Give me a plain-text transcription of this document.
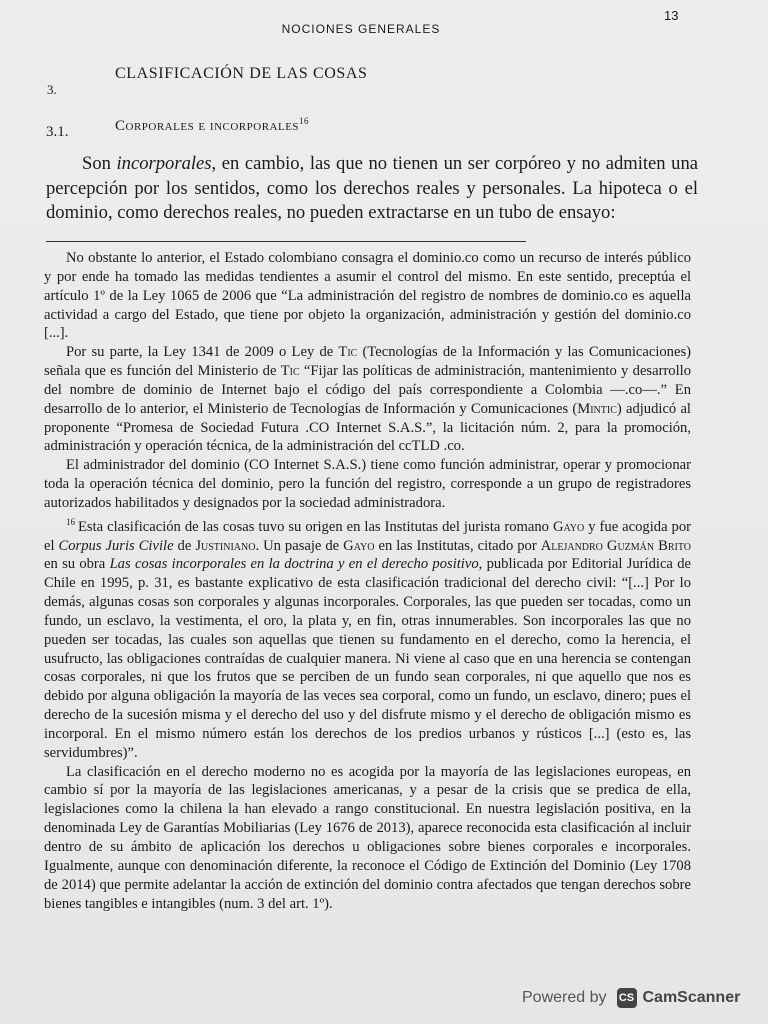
NOCIONES GENERALES
13
3.
CLASIFICACIÓN DE LAS COSAS
3.1.	Corporales e incorporales$^{16}$

Son incorporales, en cambio, las que no tienen un ser corpóreo y no admiten una percepción por los sentidos, como los derechos reales y personales. La hipoteca o el dominio, como derechos reales, no pueden extractarse en un tubo de ensayo:

No obstante lo anterior, el Estado colombiano consagra el dominio.co como un recurso de interés público y por ende ha tomado las medidas tendientes a asumir el control del mismo. En este sentido, preceptúa el artículo 1º de la Ley 1065 de 2006 que “La administración del registro de nombres de dominio.co es aquella actividad a cargo del Estado, que tiene por objeto la organización, administración y gestión del dominio.co [...].

Por su parte, la Ley 1341 de 2009 o Ley de Tic (Tecnologías de la Información y las Comunicaciones) señala que es función del Ministerio de Tic “Fijar las políticas de administración, mantenimiento y desarrollo del nombre de dominio de Internet bajo el código del país correspondiente a Colombia —.co—.” En desarrollo de lo anterior, el Ministerio de Tecnologías de Información y Comunicaciones (Mintic) adjudicó al proponente “Promesa de Sociedad Futura .CO Internet S.A.S.”, la licitación núm. 2, para la promoción, administración y operación técnica, de la administración del ccTLD .co.

El administrador del dominio (CO Internet S.A.S.) tiene como función administrar, operar y promocionar toda la operación técnica del dominio, pero la función del registro, corresponde a un grupo de registradores autorizados habilitados y designados por la sociedad administradora.

$^{16}$ Esta clasificación de las cosas tuvo su origen en las Institutas del jurista romano Gayo y fue acogida por el Corpus Juris Civile de Justiniano. Un pasaje de Gayo en las Institutas, citado por Alejandro Guzmán Brito en su obra Las cosas incorporales en la doctrina y en el derecho positivo, publicada por Editorial Jurídica de Chile en 1995, p. 31, es bastante explicativo de esta clasificación tradicional del derecho civil: “[...] Por lo demás, algunas cosas son corporales y algunas incorporales. Corporales, las que pueden ser tocadas, como un fundo, un esclavo, la vestimenta, el oro, la plata y, en fin, otras innumerables. Son incorporales las que no pueden ser tocadas, las cuales son aquellas que tienen su fundamento en el derecho, como la herencia, el usufructo, las obligaciones contraídas de cualquier manera. Ni viene al caso que en una herencia se contengan cosas corporales, ni que los frutos que se perciben de un fundo sean corporales, ni que aquello que nos es debido por alguna obligación la mayoría de las veces sea corporal, como un fundo, un esclavo, dinero; pues el derecho de la sucesión misma y el derecho del uso y del disfrute mismo y el derecho de obligación mismo es incorporal. En el mismo número están los derechos de los predios urbanos y rústicos [...] (esto es, las servidumbres)”.

La clasificación en el derecho moderno no es acogida por la mayoría de las legislaciones europeas, en cambio sí por la mayoría de las legislaciones americanas, y a pesar de la crisis que se predica de ella, legislaciones como la chilena la han elevado a rango constitucional. En nuestra legislación positiva, en la denominada Ley de Garantías Mobiliarias (Ley 1676 de 2013), aparece reconocida esta clasificación al incluir dentro de su ámbito de aplicación los derechos u obligaciones sobre bienes corporales e incorporales. Igualmente, aunque con denominación diferente, la reconoce el Código de Extinción del Dominio (Ley 1708 de 2014) que permite adelantar la acción de extinción del dominio contra afectados que tengan derechos sobre bienes tangibles e intangibles (num. 3 del art. 1º).

Powered by CS CamScanner
